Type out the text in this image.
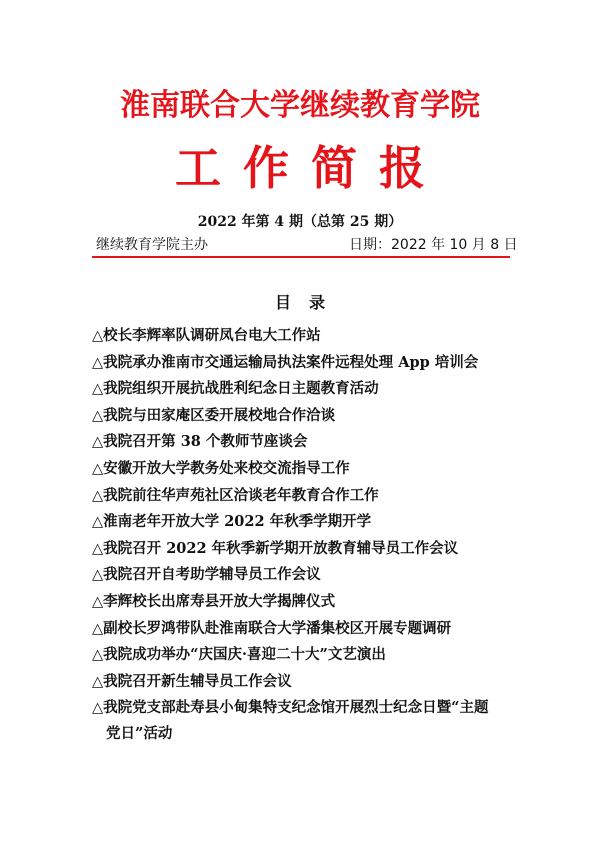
淮南联合大学继续教育学院
工作简报
2022 年第 4 期（总第 25 期）
继续教育学院主办	日期：2022 年 10 月 8 日
目录
△校长李辉率队调研凤台电大工作站
△我院承办淮南市交通运输局执法案件远程处理 App 培训会
△我院组织开展抗战胜利纪念日主题教育活动
△我院与田家庵区委开展校地合作洽谈
△我院召开第 38 个教师节座谈会
△安徽开放大学教务处来校交流指导工作
△我院前往华声苑社区洽谈老年教育合作工作
△淮南老年开放大学 2022 年秋季学期开学
△我院召开 2022 年秋季新学期开放教育辅导员工作会议
△我院召开自考助学辅导员工作会议
△李辉校长出席寿县开放大学揭牌仪式
△副校长罗鸿带队赴淮南联合大学潘集校区开展专题调研
△我院成功举办“庆国庆·喜迎二十大”文艺演出
△我院召开新生辅导员工作会议
△我院党支部赴寿县小甸集特支纪念馆开展烈士纪念日暨“主题
党日”活动
